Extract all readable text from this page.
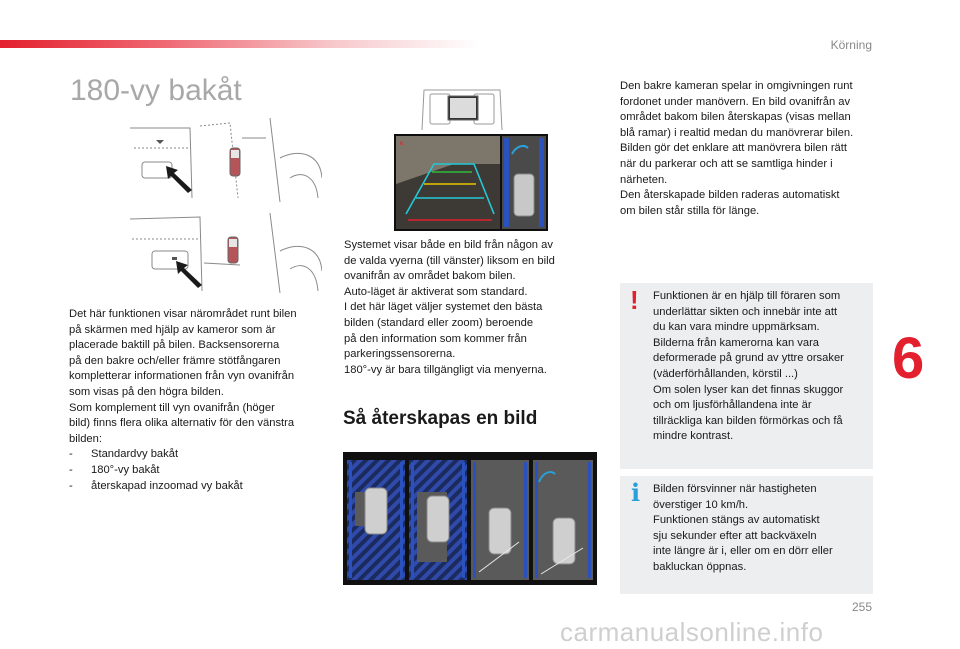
Körning
180-vy bakåt

Det här funktionen visar närområdet runt bilen

på skärmen med hjälp av kameror som är

placerade baktill på bilen. Backsensorerna

på den bakre och/eller främre stötfångaren

kompletterar informationen från vyn ovanifrån

som visas på den högra bilden.

Som komplement till vyn ovanifrån (höger

bild) finns flera olika alternativ för den vänstra

bilden:

-	Standardvy bakåt
-	180°-vy bakåt
-	återskapad inzoomad vy bakåt
×

Systemet visar både en bild från någon av

de valda vyerna (till vänster) liksom en bild

ovanifrån av området bakom bilen.

Auto-läget är aktiverat som standard.

I det här läget väljer systemet den bästa

bilden (standard eller zoom) beroende

på den information som kommer från

parkeringssensorerna.

180°-vy är bara tillgängligt via menyerna.

Så återskapas en bild

Den bakre kameran spelar in omgivningen runt

fordonet under manövern. En bild ovanifrån av

området bakom bilen återskapas (visas mellan

blå ramar) i realtid medan du manövrerar bilen.

Bilden gör det enklare att manövrera bilen rätt

när du parkerar och att se samtliga hinder i

närheten.

Den återskapade bilden raderas automatiskt

om bilen står stilla för länge.

! Funktionen är en hjälp till föraren som

underlättar sikten och innebär inte att

du kan vara mindre uppmärksam.

Bilderna från kamerorna kan vara

deformerade på grund av yttre orsaker

(väderförhållanden, körstil ...)

Om solen lyser kan det finnas skuggor

och om ljusförhållandena inte är

tillräckliga kan bilden förmörkas och få

mindre kontrast.

i Bilden försvinner när hastigheten

överstiger 10 km/h.

Funktionen stängs av automatiskt

sju sekunder efter att backväxeln

inte längre är i, eller om en dörr eller

bakluckan öppnas.

6
255
carmanualsonline.info
